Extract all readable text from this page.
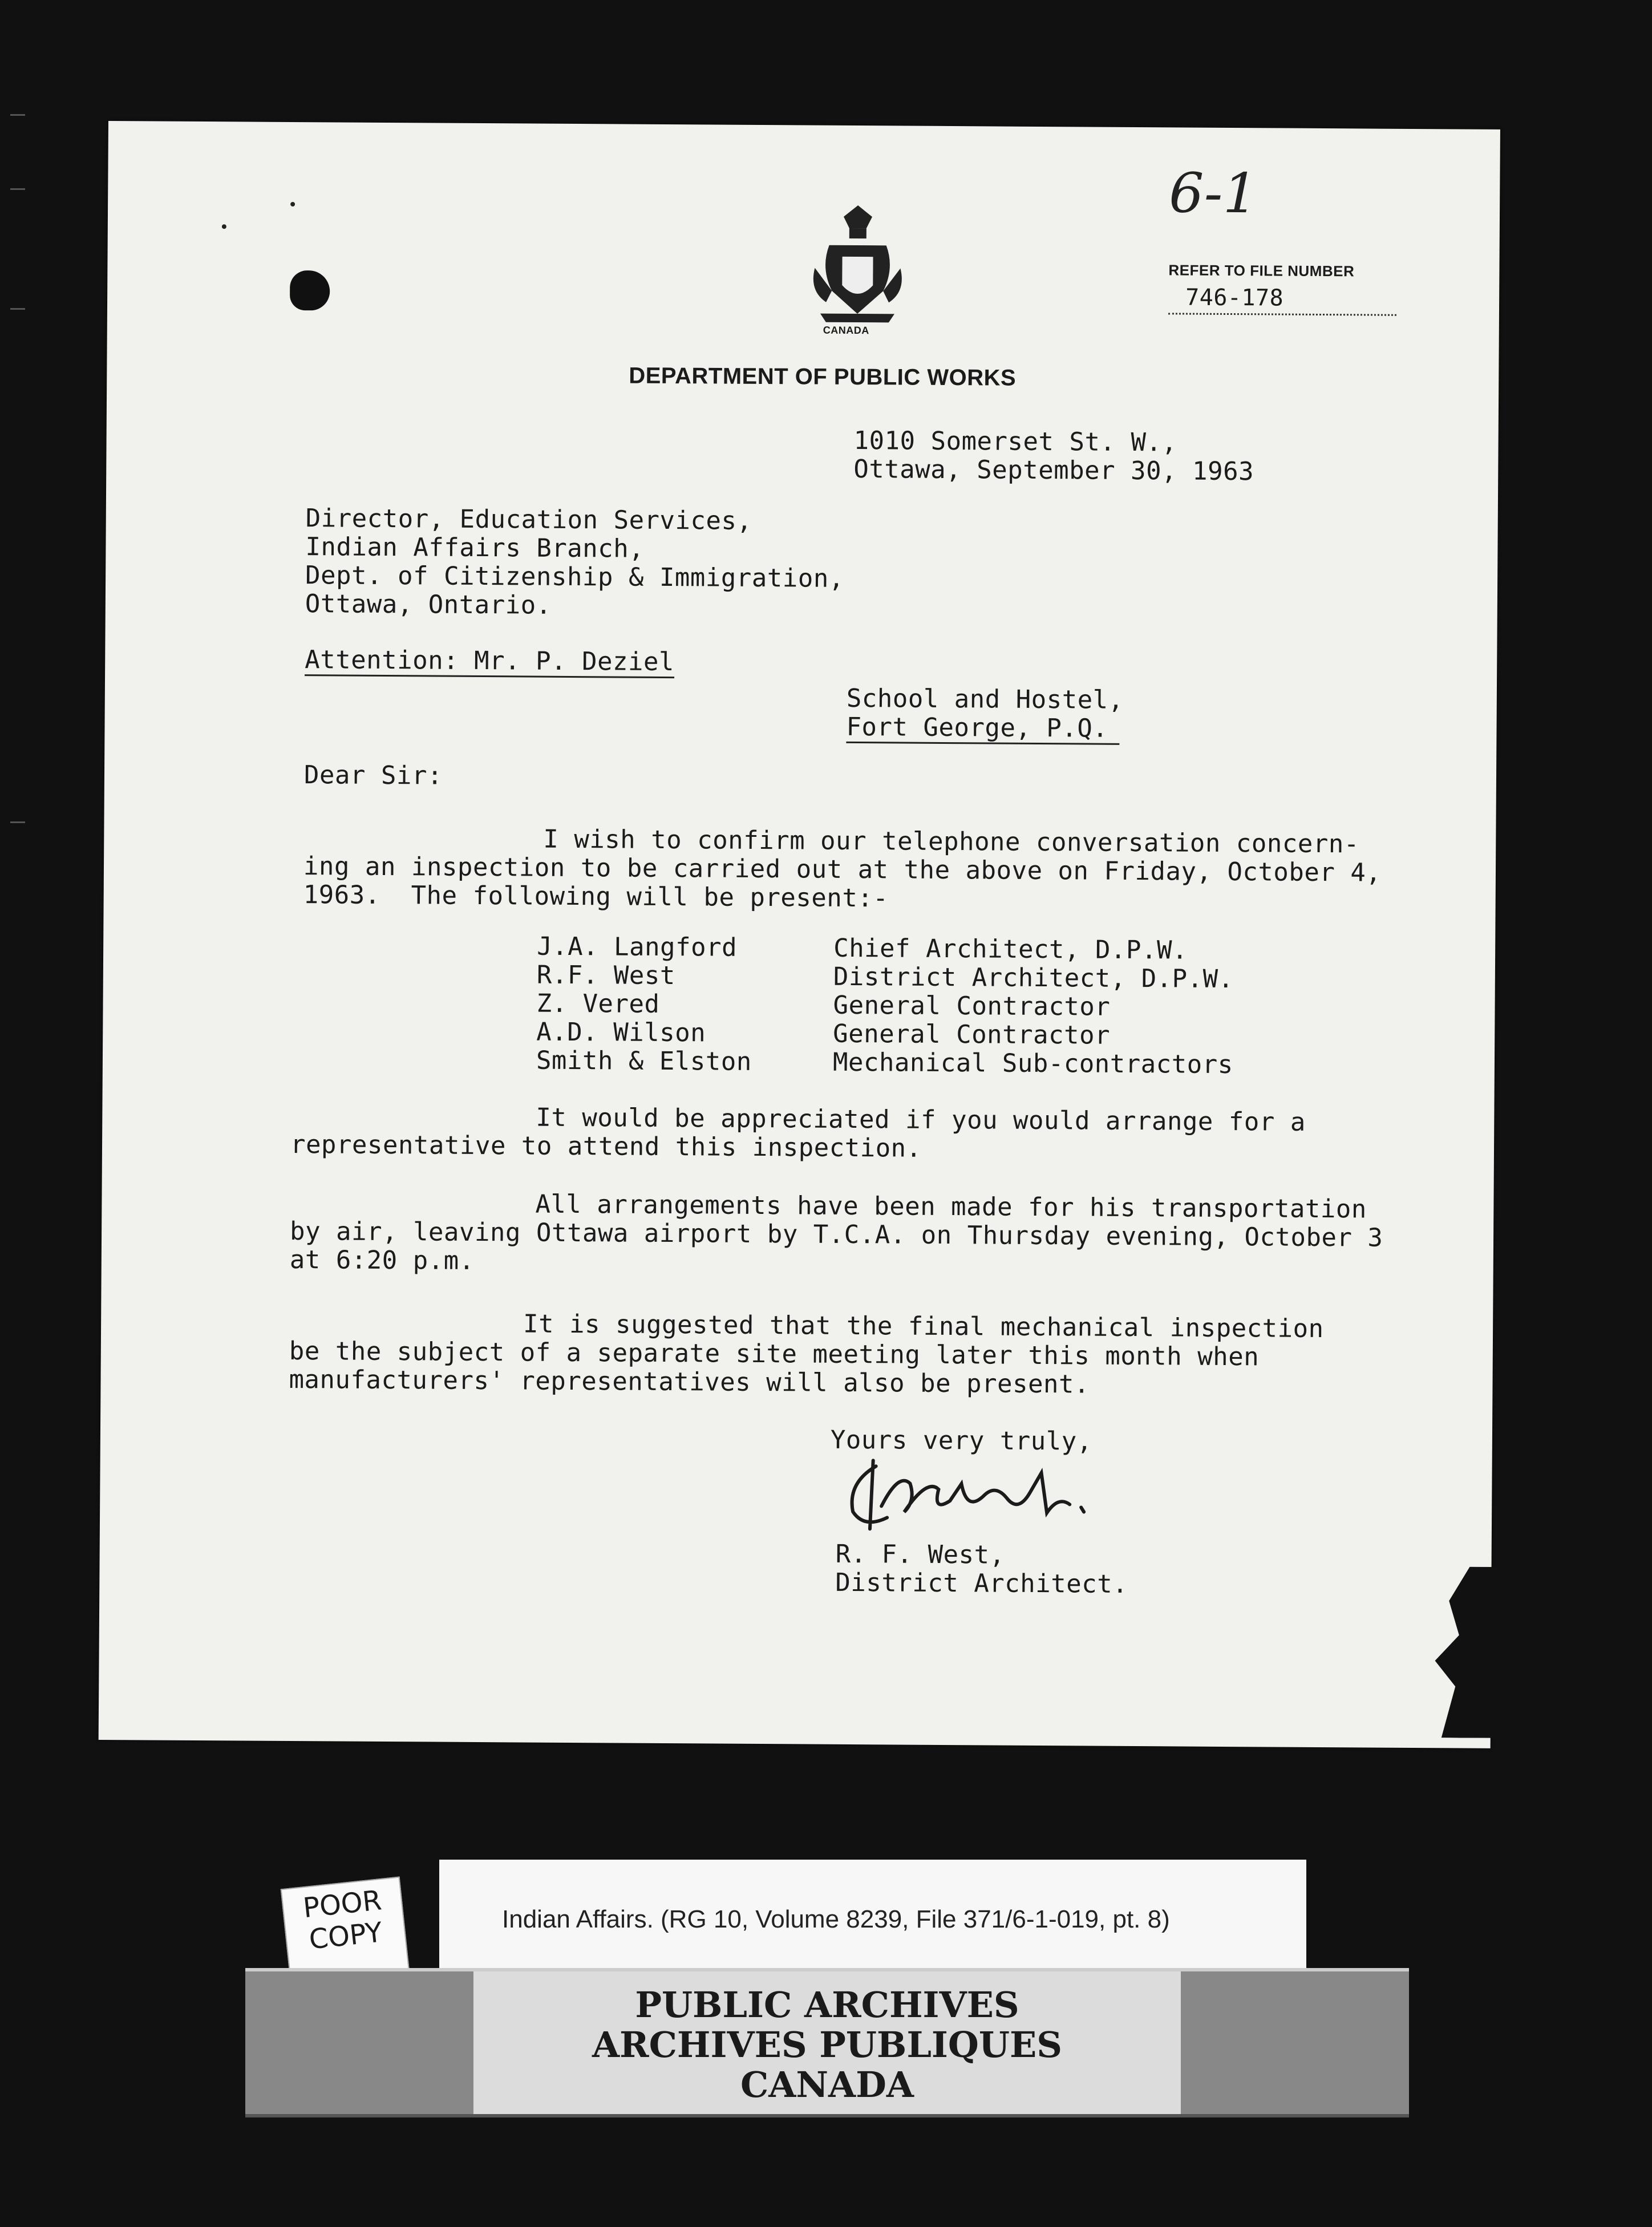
6-1
CANADA
REFER TO FILE NUMBER
746-178
DEPARTMENT OF PUBLIC WORKS
1010 Somerset St. W.,
Ottawa, September 30, 1963
Director, Education Services,
Indian Affairs Branch,
Dept. of Citizenship & Immigration,
Ottawa, Ontario.
Attention: Mr. P. Deziel
School and Hostel,
Fort George, P.Q.
Dear Sir:
I wish to confirm our telephone conversation concern-
ing an inspection to be carried out at the above on Friday, October 4,
1963.  The following will be present:-
J.A. Langford	Chief Architect, D.P.W.
R.F. West	District Architect, D.P.W.
Z. Vered	General Contractor
A.D. Wilson	General Contractor
Smith & Elston	Mechanical Sub-contractors
It would be appreciated if you would arrange for a
representative to attend this inspection.
All arrangements have been made for his transportation
by air, leaving Ottawa airport by T.C.A. on Thursday evening, October 3
at 6:20 p.m.
It is suggested that the final mechanical inspection
be the subject of a separate site meeting later this month when
manufacturers' representatives will also be present.
Yours very truly,
R. F. West,
District Architect.
POOR
COPY	Indian Affairs. (RG 10, Volume 8239, File 371/6-1-019, pt. 8)
PUBLIC ARCHIVES
ARCHIVES PUBLIQUES
CANADA
